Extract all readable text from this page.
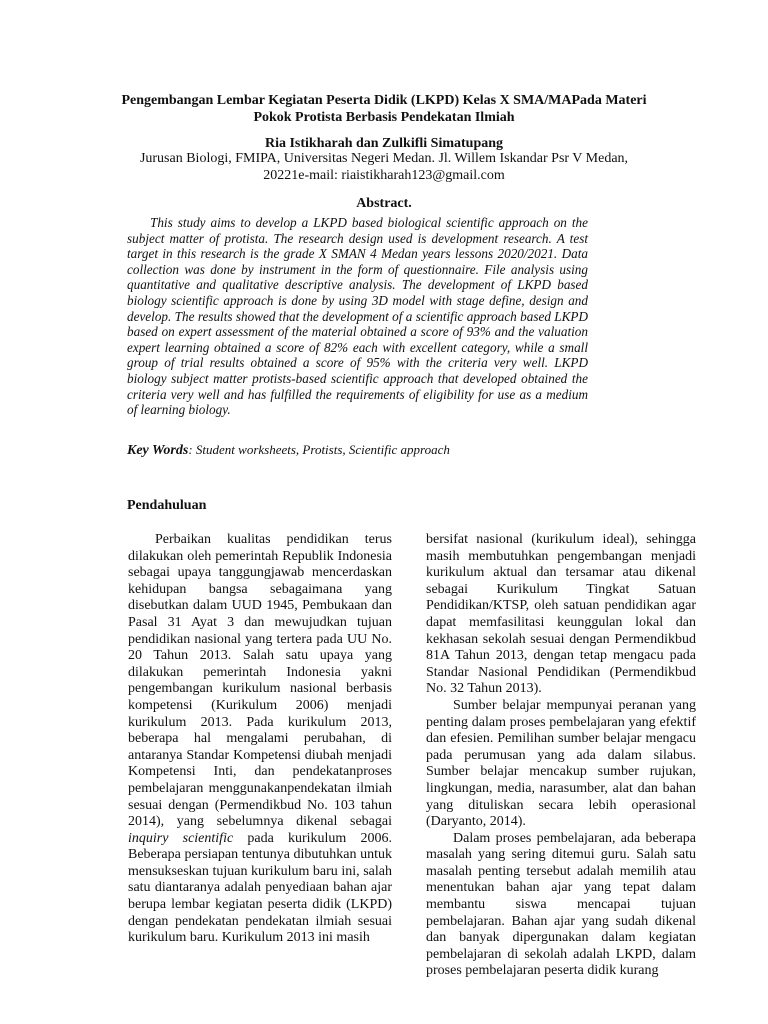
Pengembangan Lembar Kegiatan Peserta Didik (LKPD) Kelas X SMA/MAPada Materi Pokok Protista Berbasis Pendekatan Ilmiah
Ria Istikharah dan Zulkifli Simatupang
Jurusan Biologi, FMIPA, Universitas Negeri Medan. Jl. Willem Iskandar Psr V Medan, 20221e-mail: riaistikharah123@gmail.com
Abstract.
This study aims to develop a LKPD based biological scientific approach on the subject matter of protista. The research design used is development research. A test target in this research is the grade X SMAN 4 Medan years lessons 2020/2021. Data collection was done by instrument in the form of questionnaire. File analysis using quantitative and qualitative descriptive analysis. The development of LKPD based biology scientific approach is done by using 3D model with stage define, design and develop. The results showed that the development of a scientific approach based LKPD based on expert assessment of the material obtained a score of 93% and the valuation expert learning obtained a score of 82% each with excellent category, while a small group of trial results obtained a score of 95% with the criteria very well. LKPD biology subject matter protists-based scientific approach that developed obtained the criteria very well and has fulfilled the requirements of eligibility for use as a medium of learning biology.
Key Words: Student worksheets, Protists, Scientific approach
Pendahuluan

Perbaikan kualitas pendidikan terus dilakukan oleh pemerintah Republik Indonesia sebagai upaya tanggungjawab mencerdaskan kehidupan bangsa sebagaimana yang disebutkan dalam UUD 1945, Pembukaan dan Pasal 31 Ayat 3 dan mewujudkan tujuan pendidikan nasional yang tertera pada UU No. 20 Tahun 2013. Salah satu upaya yang dilakukan pemerintah Indonesia yakni pengembangan kurikulum nasional berbasis kompetensi (Kurikulum 2006) menjadi kurikulum 2013. Pada kurikulum 2013, beberapa hal mengalami perubahan, di antaranya Standar Kompetensi diubah menjadi Kompetensi Inti, dan pendekatanproses pembelajaran menggunakanpendekatan ilmiah sesuai dengan (Permendikbud No. 103 tahun 2014), yang sebelumnya dikenal sebagai inquiry scientific pada kurikulum 2006. Beberapa persiapan tentunya dibutuhkan untuk mensukseskan tujuan kurikulum baru ini, salah satu diantaranya adalah penyediaan bahan ajar berupa lembar kegiatan peserta didik (LKPD) dengan pendekatan pendekatan ilmiah sesuai kurikulum baru. Kurikulum 2013 ini masih

bersifat nasional (kurikulum ideal), sehingga masih membutuhkan pengembangan menjadi kurikulum aktual dan tersamar atau dikenal sebagai Kurikulum Tingkat Satuan Pendidikan/KTSP, oleh satuan pendidikan agar dapat memfasilitasi keunggulan lokal dan kekhasan sekolah sesuai dengan Permendikbud 81A Tahun 2013, dengan tetap mengacu pada Standar Nasional Pendidikan (Permendikbud No. 32 Tahun 2013).

Sumber belajar mempunyai peranan yang penting dalam proses pembelajaran yang efektif dan efesien. Pemilihan sumber belajar mengacu pada perumusan yang ada dalam silabus. Sumber belajar mencakup sumber rujukan, lingkungan, media, narasumber, alat dan bahan yang dituliskan secara lebih operasional (Daryanto, 2014).

Dalam proses pembelajaran, ada beberapa masalah yang sering ditemui guru. Salah satu masalah penting tersebut adalah memilih atau menentukan bahan ajar yang tepat dalam membantu siswa mencapai tujuan pembelajaran. Bahan ajar yang sudah dikenal dan banyak dipergunakan dalam kegiatan pembelajaran di sekolah adalah LKPD, dalam proses pembelajaran peserta didik kurang
